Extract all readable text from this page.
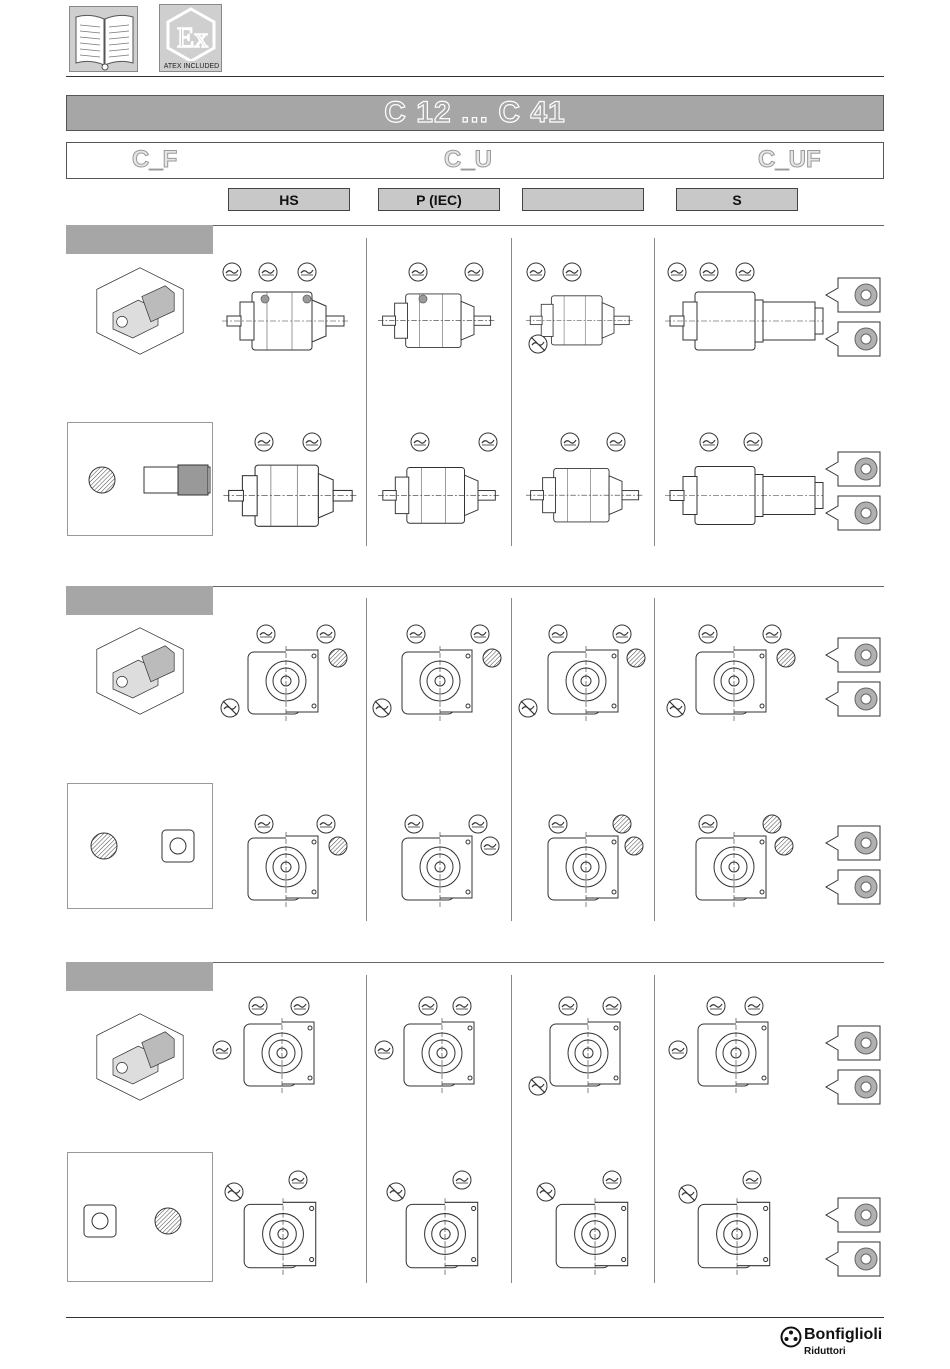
Ex
ATEX INCLUDED
C 12 ... C 41
C_F	C_U	C_UF
HS	P (IEC)	S
Bonfiglioli
Riduttori
